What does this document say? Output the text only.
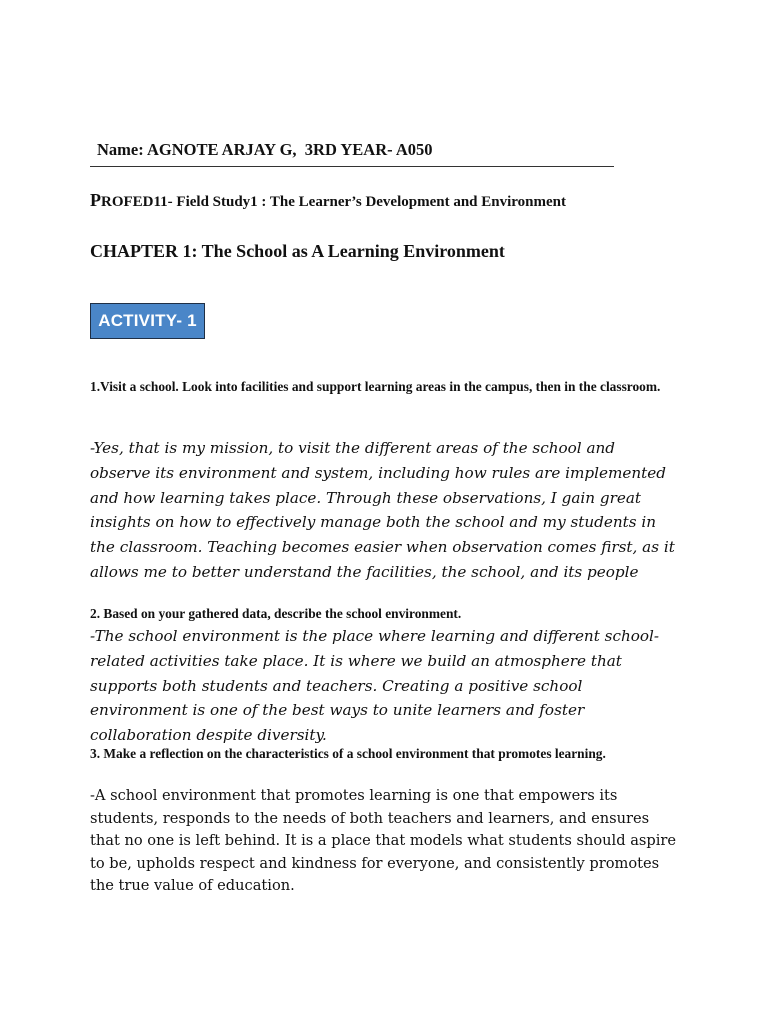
Name: AGNOTE ARJAY G,  3RD YEAR- A050
PROFED11- Field Study1 : The Learner’s Development and Environment
CHAPTER 1: The School as A Learning Environment
ACTIVITY- 1
1.Visit a school. Look into facilities and support learning areas in the campus, then in the classroom.
-Yes, that is my mission, to visit the different areas of the school and observe its environment and system, including how rules are implemented and how learning takes place. Through these observations, I gain great insights on how to effectively manage both the school and my students in the classroom. Teaching becomes easier when observation comes first, as it allows me to better understand the facilities, the school, and its people
2. Based on your gathered data, describe the school environment.
-The school environment is the place where learning and different school-related activities take place. It is where we build an atmosphere that supports both students and teachers. Creating a positive school environment is one of the best ways to unite learners and foster collaboration despite diversity.
3. Make a reflection on the characteristics of a school environment that promotes learning.
-A school environment that promotes learning is one that empowers its students, responds to the needs of both teachers and learners, and ensures that no one is left behind. It is a place that models what students should aspire to be, upholds respect and kindness for everyone, and consistently promotes the true value of education.
